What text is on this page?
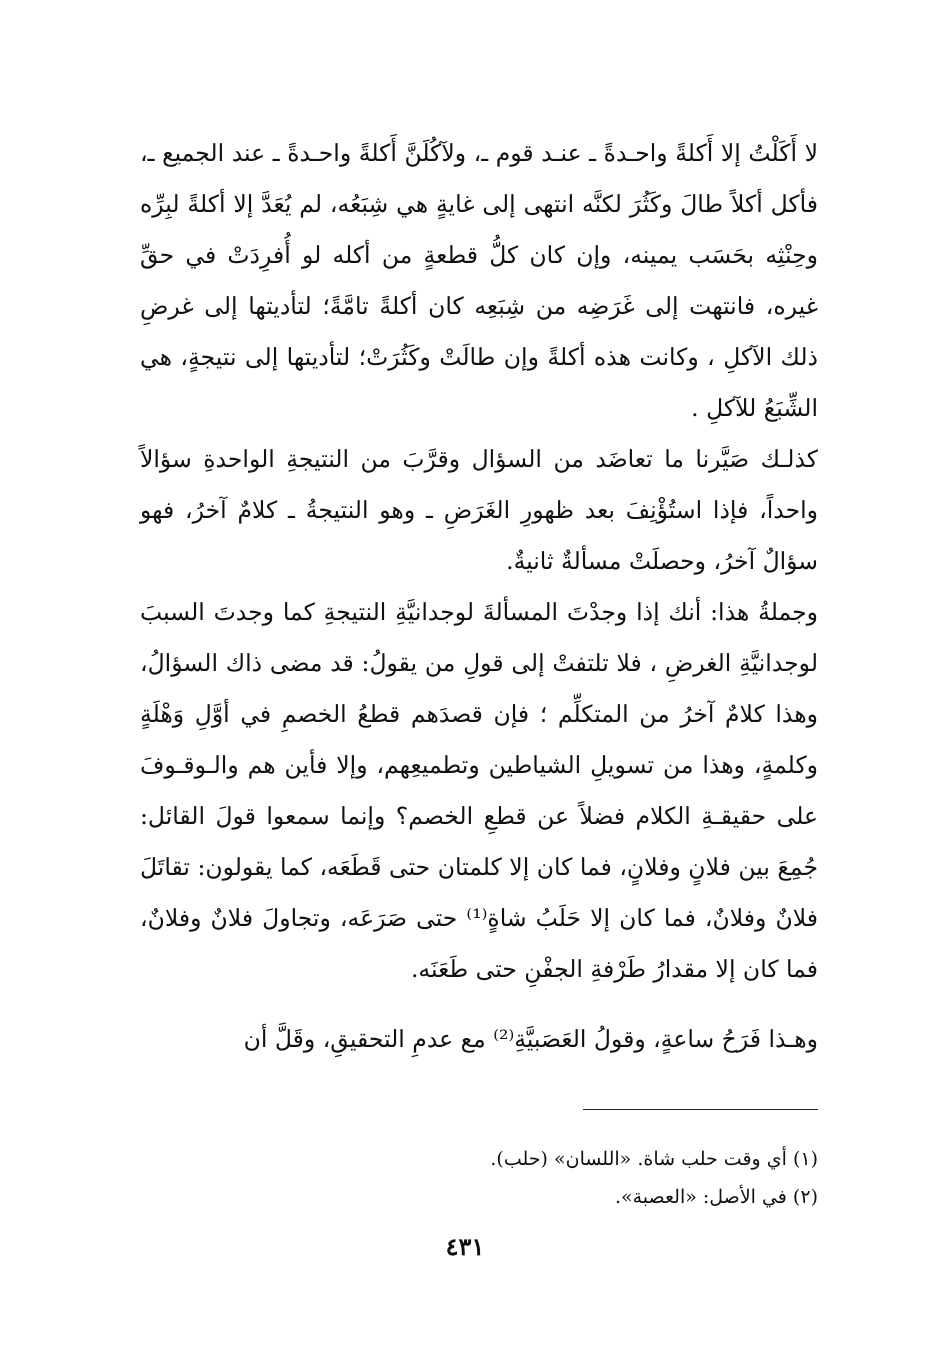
لا أَكَلْتُ إلا أَكلةً واحـدةً ـ عنـد قوم ـ، ولآكُلَنَّ أَكلةً واحـدةً ـ عند الجميع ـ، فأكل أكلاً طالَ وكَثُرَ لكنَّه انتهى إلى غايةٍ هي شِبَعُه، لم يُعَدَّ إلا أكلةً لبِرِّه وحِنْثِه بحَسَب يمينه، وإن كان كلُّ قطعةٍ من أكله لو أُفرِدَتْ في حقِّ غيره، فانتهت إلى غَرَضِه من شِبَعِه كان أكلةً تامَّةً؛ لتأديتها إلى غرضِ ذلك الآكلِ ، وكانت هذه أكلةً وإن طالَتْ وكَثُرَتْ؛ لتأديتها إلى نتيجةٍ، هي الشِّبَعُ للآكلِ .

كذلـك صَيَّرنا ما تعاضَد من السؤال وقرَّبَ من النتيجةِ الواحدةِ سؤالاً واحداً، فإذا استُؤْنِفَ بعد ظهورِ الغَرَضِ ـ وهو النتيجةُ ـ كلامٌ آخرُ، فهو سؤالٌ آخرُ، وحصلَتْ مسألةٌ ثانيةٌ.

وجملةُ هذا: أنك إذا وجدْتَ المسألةَ لوجدانيَّةِ النتيجةِ كما وجدتَ السببَ لوجدانيَّةِ الغرضِ ، فلا تلتفتْ إلى قولِ من يقولُ: قد مضى ذاك السؤالُ، وهذا كلامٌ آخرُ من المتكلِّم ؛ فإن قصدَهم قطعُ الخصمِ في أوَّلِ وَهْلَةٍ وكلمةٍ، وهذا من تسويلِ الشياطين وتطميعِهم، وإلا فأين هم والـوقـوفَ على حقيقـةِ الكلام فضلاً عن قطعِ الخصم؟ وإنما سمعوا قولَ القائل: جُمِعَ بين فلانٍ وفلانٍ، فما كان إلا كلمتان حتى قَطَعَه، كما يقولون: تقاتَلَ فلانٌ وفلانٌ، فما كان إلا حَلَبُ شاةٍ⁽¹⁾ حتى صَرَعَه، وتجاولَ فلانٌ وفلانٌ، فما كان إلا مقدارُ طَرْفةِ الجفْنِ حتى طَعَنَه.

وهـذا فَرَحُ ساعةٍ، وقولُ العَصَبيَّةِ⁽²⁾ مع عدمِ التحقيقِ، وقَلَّ أن

(١) أي وقت حلب شاة. «اللسان» (حلب).

(٢) في الأصل: «العصبة».

٤٣١
